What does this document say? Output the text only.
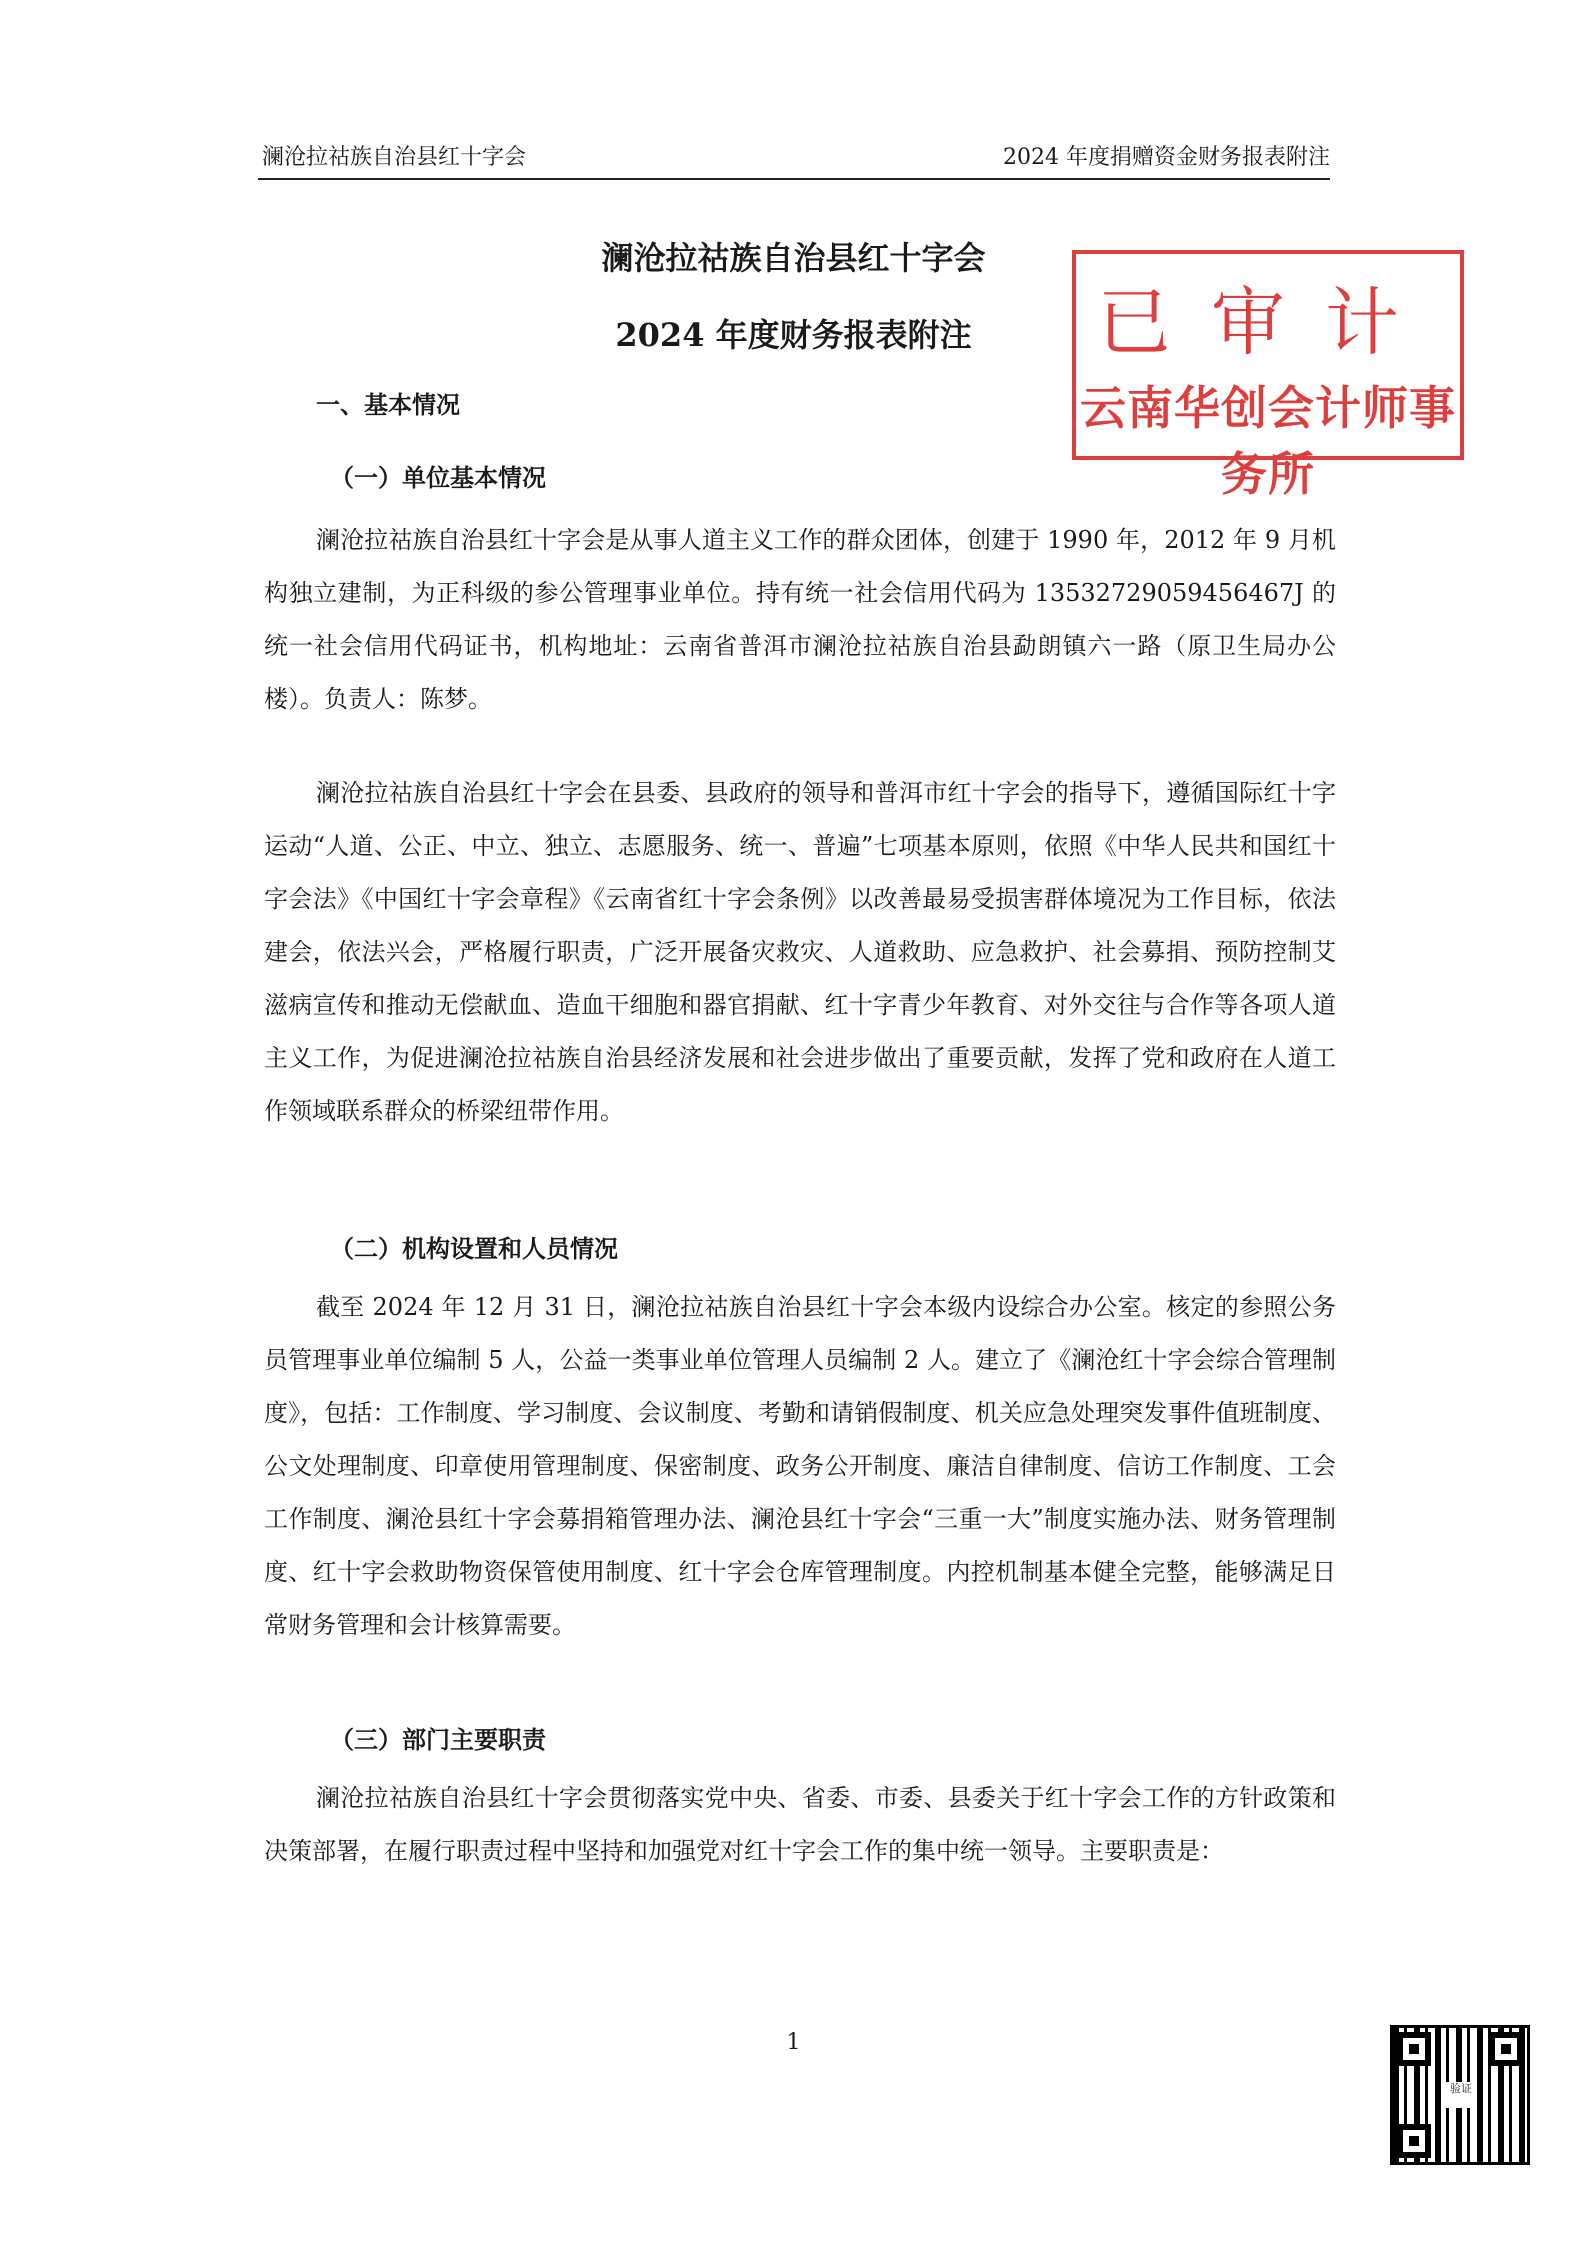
澜沧拉祜族自治县红十字会	2024 年度捐赠资金财务报表附注
澜沧拉祜族自治县红十字会
2024 年度财务报表附注	已审计
云南华创会计师事务所
一、基本情况
（一）单位基本情况

澜沧拉祜族自治县红十字会是从事人道主义工作的群众团体，创建于 1990 年，2012 年 9 月机构独立建制，为正科级的参公管理事业单位。持有统一社会信用代码为 13532729059456467J 的统一社会信用代码证书，机构地址：云南省普洱市澜沧拉祜族自治县勐朗镇六一路（原卫生局办公楼）。负责人：陈梦。

澜沧拉祜族自治县红十字会在县委、县政府的领导和普洱市红十字会的指导下，遵循国际红十字运动“人道、公正、中立、独立、志愿服务、统一、普遍”七项基本原则，依照《中华人民共和国红十字会法》《中国红十字会章程》《云南省红十字会条例》以改善最易受损害群体境况为工作目标，依法建会，依法兴会，严格履行职责，广泛开展备灾救灾、人道救助、应急救护、社会募捐、预防控制艾滋病宣传和推动无偿献血、造血干细胞和器官捐献、红十字青少年教育、对外交往与合作等各项人道主义工作，为促进澜沧拉祜族自治县经济发展和社会进步做出了重要贡献，发挥了党和政府在人道工作领域联系群众的桥梁纽带作用。

（二）机构设置和人员情况

截至 2024 年 12 月 31 日，澜沧拉祜族自治县红十字会本级内设综合办公室。核定的参照公务员管理事业单位编制 5 人，公益一类事业单位管理人员编制 2 人。建立了《澜沧红十字会综合管理制度》，包括：工作制度、学习制度、会议制度、考勤和请销假制度、机关应急处理突发事件值班制度、公文处理制度、印章使用管理制度、保密制度、政务公开制度、廉洁自律制度、信访工作制度、工会工作制度、澜沧县红十字会募捐箱管理办法、澜沧县红十字会“三重一大”制度实施办法、财务管理制度、红十字会救助物资保管使用制度、红十字会仓库管理制度。内控机制基本健全完整，能够满足日常财务管理和会计核算需要。

（三）部门主要职责

澜沧拉祜族自治县红十字会贯彻落实党中央、省委、市委、县委关于红十字会工作的方针政策和决策部署，在履行职责过程中坚持和加强党对红十字会工作的集中统一领导。主要职责是：

1
验证
